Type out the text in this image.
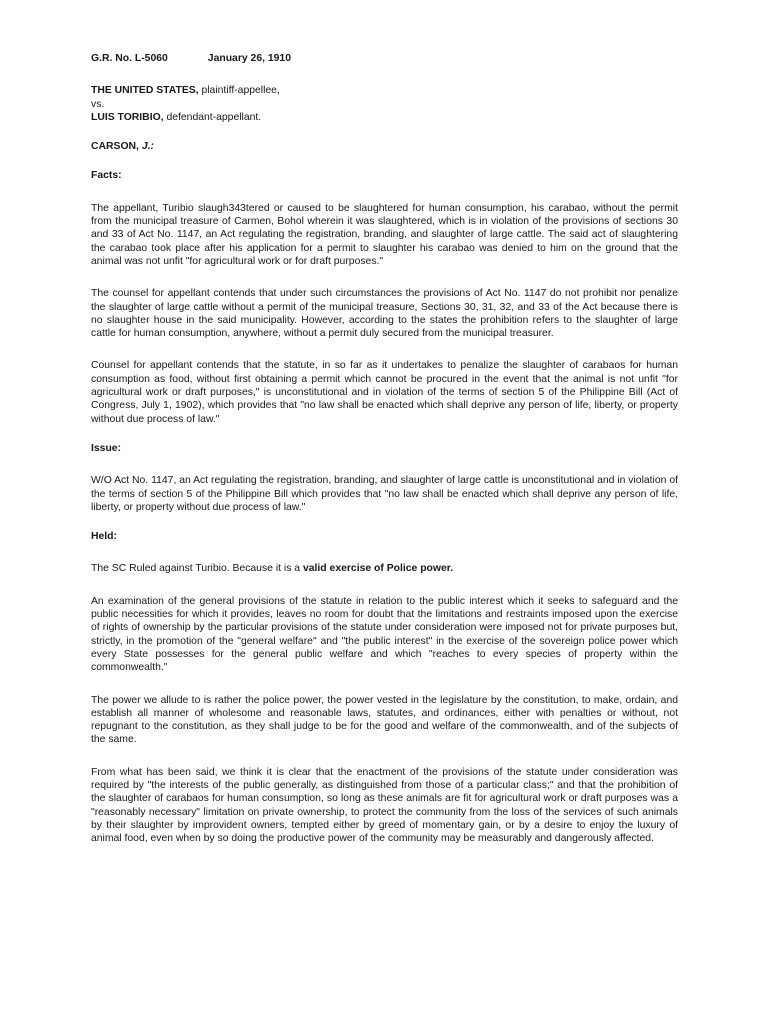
G.R. No. L-5060	January 26, 1910
THE UNITED STATES, plaintiff-appellee,
vs.
LUIS TORIBIO, defendant-appellant.
CARSON, J.:
Facts:

The appellant, Turibio slaugh343tered or caused to be slaughtered for human consumption, his carabao, without the permit from the municipal treasure of Carmen, Bohol wherein it was slaughtered, which is in violation of the provisions of sections 30 and 33 of Act No. 1147, an Act regulating the registration, branding, and slaughter of large cattle. The said act of slaughtering the carabao took place after his application for a permit to slaughter his carabao was denied to him on the ground that the animal was not unfit "for agricultural work or for draft purposes."

The counsel for appellant contends that under such circumstances the provisions of Act No. 1147 do not prohibit nor penalize the slaughter of large cattle without a permit of the municipal treasure, Sections 30, 31, 32, and 33 of the Act because there is no slaughter house in the said municipality. However, according to the states the prohibition refers to the slaughter of large cattle for human consumption, anywhere, without a permit duly secured from the municipal treasurer.

Counsel for appellant contends that the statute, in so far as it undertakes to penalize the slaughter of carabaos for human consumption as food, without first obtaining a permit which cannot be procured in the event that the animal is not unfit "for agricultural work or draft purposes," is unconstitutional and in violation of the terms of section 5 of the Philippine Bill (Act of Congress, July 1, 1902), which provides that "no law shall be enacted which shall deprive any person of life, liberty, or property without due process of law."

Issue:

W/O Act No. 1147, an Act regulating the registration, branding, and slaughter of large cattle is unconstitutional and in violation of the terms of section 5 of the Philippine Bill which provides that "no law shall be enacted which shall deprive any person of life, liberty, or property without due process of law."

Held:

The SC Ruled against Turibio. Because it is a valid exercise of Police power.

An examination of the general provisions of the statute in relation to the public interest which it seeks to safeguard and the public necessities for which it provides, leaves no room for doubt that the limitations and restraints imposed upon the exercise of rights of ownership by the particular provisions of the statute under consideration were imposed not for private purposes but, strictly, in the promotion of the "general welfare" and "the public interest" in the exercise of the sovereign police power which every State possesses for the general public welfare and which "reaches to every species of property within the commonwealth."

The power we allude to is rather the police power, the power vested in the legislature by the constitution, to make, ordain, and establish all manner of wholesome and reasonable laws, statutes, and ordinances, either with penalties or without, not repugnant to the constitution, as they shall judge to be for the good and welfare of the commonwealth, and of the subjects of the same.

From what has been said, we think it is clear that the enactment of the provisions of the statute under consideration was required by "the interests of the public generally, as distinguished from those of a particular class;" and that the prohibition of the slaughter of carabaos for human consumption, so long as these animals are fit for agricultural work or draft purposes was a "reasonably necessary" limitation on private ownership, to protect the community from the loss of the services of such animals by their slaughter by improvident owners, tempted either by greed of momentary gain, or by a desire to enjoy the luxury of animal food, even when by so doing the productive power of the community may be measurably and dangerously affected.
